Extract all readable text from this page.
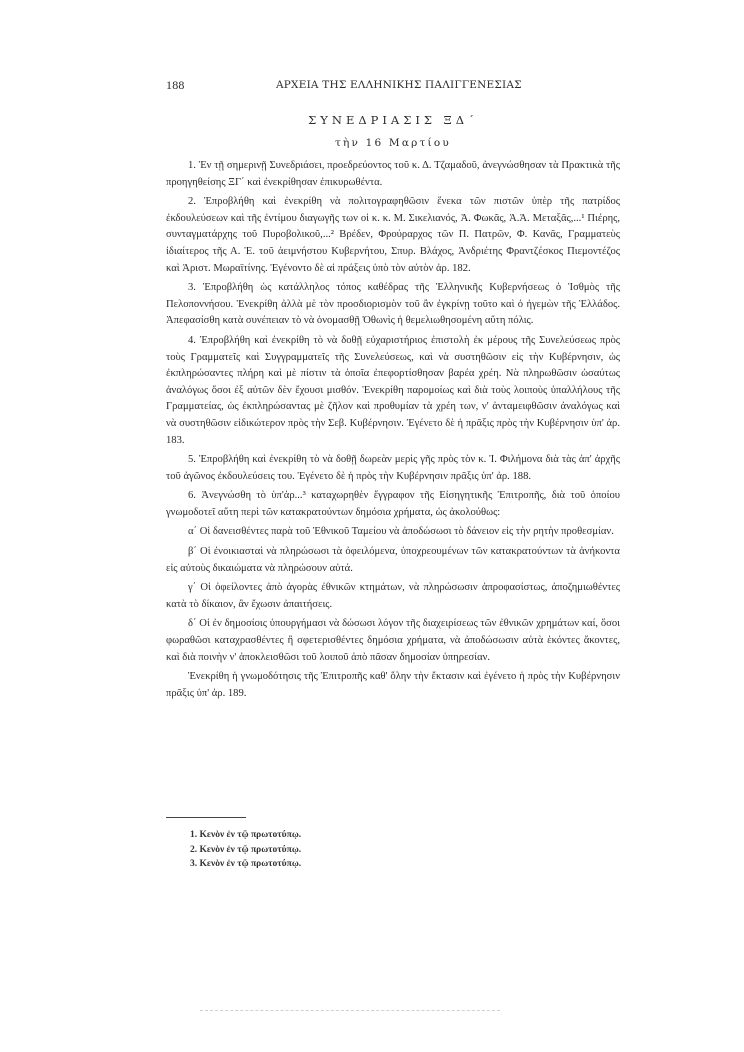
188	ΑΡΧΕΙΑ ΤΗΣ ΕΛΛΗΝΙΚΗΣ ΠΑΛΙΓΓΕΝΕΣΙΑΣ
ΣΥΝΕΔΡΙΑΣΙΣ ΞΔ΄
τὴν 16 Μαρτίου

1. Ἐν τῇ σημερινῇ Συνεδριάσει, προεδρεύοντος τοῦ κ. Δ. Τζαμαδοῦ, ἀνεγνώσθησαν τὰ Πρακτικὰ τῆς προηγηθείσης ΞΓ΄ καὶ ἐνεκρίθησαν ἐπικυρωθέντα.

2. Ἐπροβλήθη καὶ ἐνεκρίθη νὰ πολιτογραφηθῶσιν ἕνεκα τῶν πιστῶν ὑπὲρ τῆς πατρίδος ἐκδουλεύσεων καὶ τῆς ἐντίμου διαγωγῆς των οἱ κ. κ. Μ. Σικελιανός, Ἀ. Φωκᾶς, Ἀ.Ἀ. Μεταξᾶς,...¹ Πιέρης, συνταγματάρχης τοῦ Πυροβολικοῦ,...² Βρέδεν, Φρούραρχος τῶν Π. Πατρῶν, Φ. Κανᾶς, Γραμματεὺς ἰδιαίτερος τῆς Α. Ἐ. τοῦ ἀειμνήστου Κυβερνήτου, Σπυρ. Βλάχος, Ἀνδριέτης Φραντζέσκος Πιεμοντέζος καὶ Ἀριστ. Μωραϊτίνης. Ἐγένοντο δὲ αἱ πράξεις ὑπὸ τὸν αὐτὸν ἀρ. 182.

3. Ἐπροβλήθη ὡς κατάλληλος τόπος καθέδρας τῆς Ἑλληνικῆς Κυβερνήσεως ὁ Ἰσθμὸς τῆς Πελοποννήσου. Ἐνεκρίθη ἀλλὰ μὲ τὸν προσδιορισμὸν τοῦ ἂν ἐγκρίνῃ τοῦτο καὶ ὁ ἡγεμὼν τῆς Ἑλλάδος. Ἀπεφασίσθη κατὰ συνέπειαν τὸ νὰ ὀνομασθῇ Ὀθωνὶς ἡ θεμελιωθησομένη αὕτη πόλις.

4. Ἐπροβλήθη καὶ ἐνεκρίθη τὸ νὰ δοθῇ εὐχαριστήριος ἐπιστολὴ ἐκ μέρους τῆς Συνελεύσεως πρὸς τοὺς Γραμματεῖς καὶ Συγγραμματεῖς τῆς Συνελεύσεως, καὶ νὰ συστηθῶσιν εἰς τὴν Κυβέρνησιν, ὡς ἐκπληρώσαντες πλήρη καὶ μὲ πίστιν τὰ ὁποῖα ἐπεφορτίσθησαν βαρέα χρέη. Νὰ πληρωθῶσιν ὡσαύτως ἀναλόγως ὅσοι ἐξ αὐτῶν δὲν ἔχουσι μισθόν. Ἐνεκρίθη παρομοίως καὶ διὰ τοὺς λοιποὺς ὑπαλλήλους τῆς Γραμματείας, ὡς ἐκπληρώσαντας μὲ ζῆλον καὶ προθυμίαν τὰ χρέη των, ν' ἀνταμειφθῶσιν ἀναλόγως καὶ νὰ συστηθῶσιν εἰδικώτερον πρὸς τὴν Σεβ. Κυβέρνησιν. Ἐγένετο δὲ ἡ πρᾶξις πρὸς τὴν Κυβέρνησιν ὑπ' ἀρ. 183.

5. Ἐπροβλήθη καὶ ἐνεκρίθη τὸ νὰ δοθῇ δωρεὰν μερὶς γῆς πρὸς τὸν κ. Ἰ. Φιλήμονα διὰ τὰς ἀπ' ἀρχῆς τοῦ ἀγῶνος ἐκδουλεύσεις του. Ἐγένετο δὲ ἡ πρὸς τὴν Κυβέρνησιν πρᾶξις ὑπ' ἀρ. 188.

6. Ἀνεγνώσθη τὸ ὑπ'ἀρ...³ καταχωρηθὲν ἔγγραφον τῆς Εἰσηγητικῆς Ἐπιτροπῆς, διὰ τοῦ ὁποίου γνωμοδοτεῖ αὕτη περὶ τῶν κατακρατούντων δημόσια χρήματα, ὡς ἀκολούθως:

α΄ Οἱ δανεισθέντες παρὰ τοῦ Ἐθνικοῦ Ταμείου νὰ ἀποδώσωσι τὸ δάνειον εἰς τὴν ρητὴν προθεσμίαν.

β΄ Οἱ ἐνοικιασταὶ νὰ πληρώσωσι τὰ ὀφειλόμενα, ὑποχρεουμένων τῶν κατακρατούντων τὰ ἀνήκοντα εἰς αὐτοὺς δικαιώματα νὰ πληρώσουν αὐτά.

γ΄ Οἱ ὀφείλοντες ἀπὸ ἀγορὰς ἐθνικῶν κτημάτων, νὰ πληρώσωσιν ἀπροφασίστως, ἀποζημιωθέντες κατὰ τὸ δίκαιον, ἂν ἔχωσιν ἀπαιτήσεις.

δ΄ Οἱ ἐν δημοσίοις ὑπουργήμασι νὰ δώσωσι λόγον τῆς διαχειρίσεως τῶν ἐθνικῶν χρημάτων καί, ὅσοι φωραθῶσι καταχρασθέντες ἢ σφετερισθέντες δημόσια χρήματα, νὰ ἀποδώσωσιν αὐτὰ ἑκόντες ἄκοντες, καὶ διὰ ποινὴν ν' ἀποκλεισθῶσι τοῦ λοιποῦ ἀπὸ πᾶσαν δημοσίαν ὑπηρεσίαν.

Ἐνεκρίθη ἡ γνωμοδότησις τῆς Ἐπιτροπῆς καθ' ὅλην τὴν ἔκτασιν καὶ ἐγένετο ἡ πρὸς τὴν Κυβέρνησιν πρᾶξις ὑπ' ἀρ. 189.

1. Κενὸν ἐν τῷ πρωτοτύπῳ.
2. Κενὸν ἐν τῷ πρωτοτύπῳ.
3. Κενὸν ἐν τῷ πρωτοτύπῳ.
